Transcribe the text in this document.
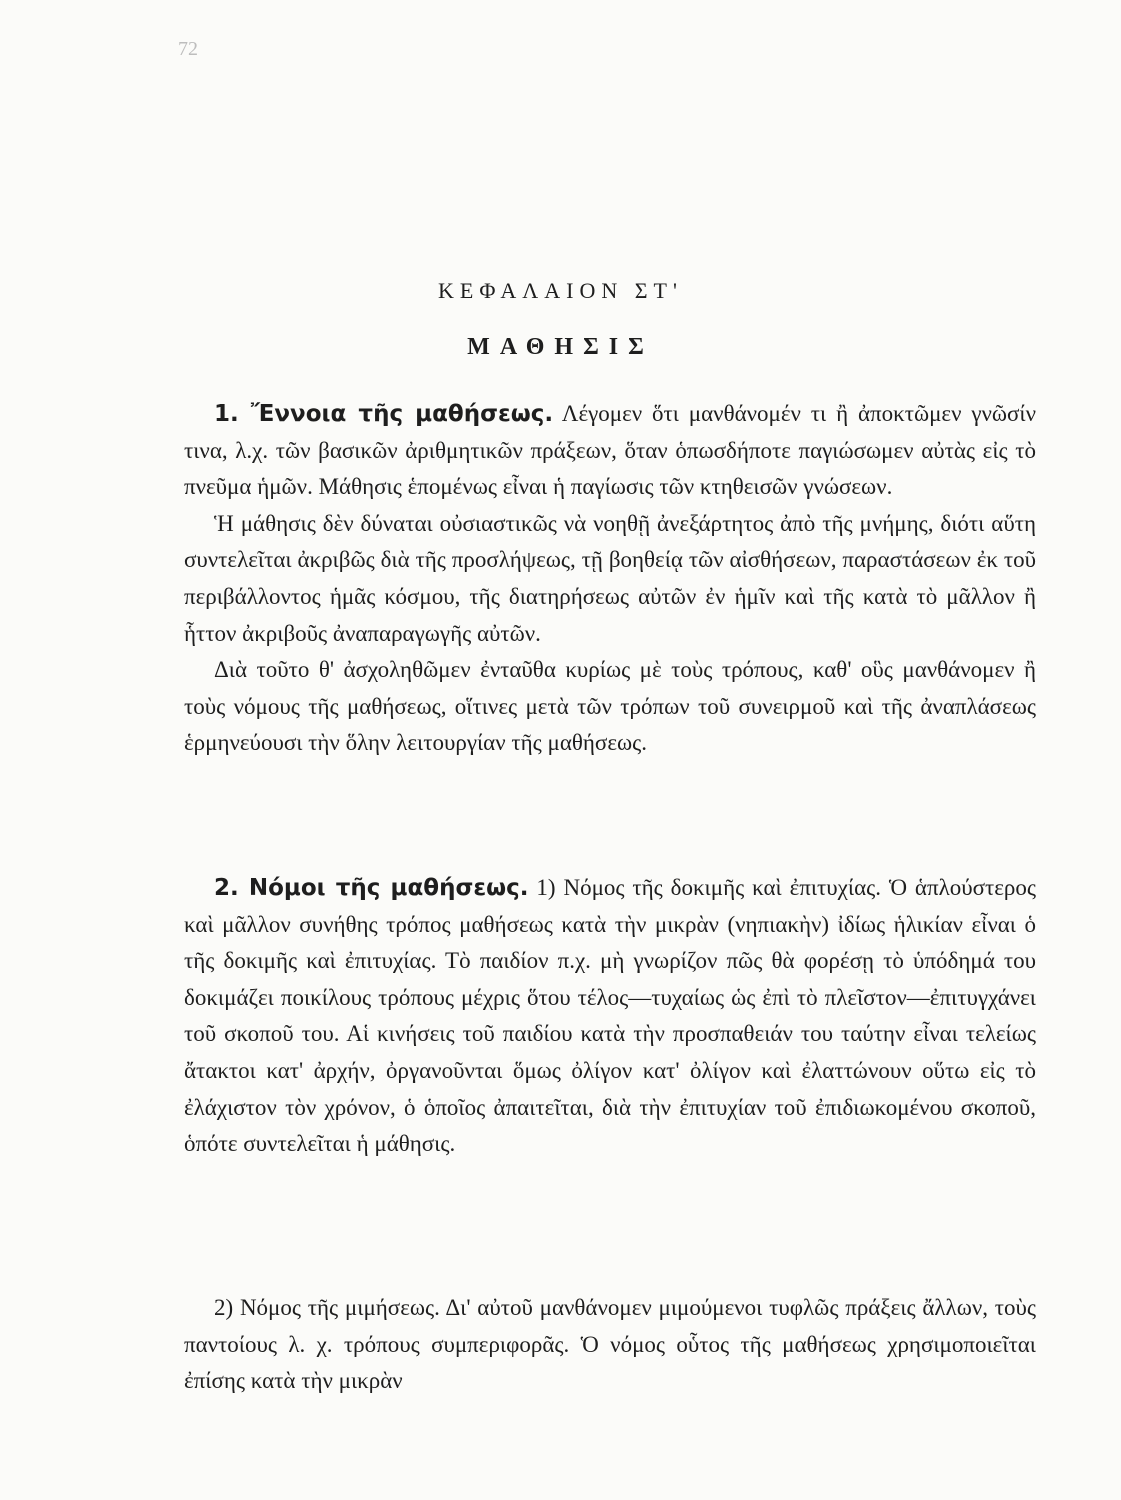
72
ΚΕΦΑΛΑΙΟΝ ΣΤ'
ΜΑΘΗΣΙΣ

1. Ἔννοια τῆς μαθήσεως. Λέγομεν ὅτι μανθάνομέν τι ἢ ἀποκτῶμεν γνῶσίν τινα, λ.χ. τῶν βασικῶν ἀριθμητικῶν πράξεων, ὅταν ὁπωσδήποτε παγιώσωμεν αὐτὰς εἰς τὸ πνεῦμα ἡμῶν. Μάθησις ἑπομένως εἶναι ἡ παγίωσις τῶν κτηθεισῶν γνώσεων.

Ἡ μάθησις δὲν δύναται οὐσιαστικῶς νὰ νοηθῇ ἀνεξάρτητος ἀπὸ τῆς μνήμης, διότι αὕτη συντελεῖται ἀκριβῶς διὰ τῆς προσλήψεως, τῇ βοηθείᾳ τῶν αἰσθήσεων, παραστάσεων ἐκ τοῦ περιβάλλοντος ἡμᾶς κόσμου, τῆς διατηρήσεως αὐτῶν ἐν ἡμῖν καὶ τῆς κατὰ τὸ μᾶλλον ἢ ἧττον ἀκριβοῦς ἀναπαραγωγῆς αὐτῶν.

Διὰ τοῦτο θ' ἀσχοληθῶμεν ἐνταῦθα κυρίως μὲ τοὺς τρόπους, καθ' οὓς μανθάνομεν ἢ τοὺς νόμους τῆς μαθήσεως, οἵτινες μετὰ τῶν τρόπων τοῦ συνειρμοῦ καὶ τῆς ἀναπλάσεως ἑρμηνεύουσι τὴν ὅλην λειτουργίαν τῆς μαθήσεως.

2. Νόμοι τῆς μαθήσεως. 1) Νόμος τῆς δοκιμῆς καὶ ἐπιτυχίας. Ὁ ἁπλούστερος καὶ μᾶλλον συνήθης τρόπος μαθήσεως κατὰ τὴν μικρὰν (νηπιακὴν) ἰδίως ἡλικίαν εἶναι ὁ τῆς δοκιμῆς καὶ ἐπιτυχίας. Τὸ παιδίον π.χ. μὴ γνωρίζον πῶς θὰ φορέσῃ τὸ ὑπόδημά του δοκιμάζει ποικίλους τρόπους μέχρις ὅτου τέλος—τυχαίως ὡς ἐπὶ τὸ πλεῖστον—ἐπιτυγχάνει τοῦ σκοποῦ του. Αἱ κινήσεις τοῦ παιδίου κατὰ τὴν προσπαθειάν του ταύτην εἶναι τελείως ἄτακτοι κατ' ἀρχήν, ὀργανοῦνται ὅμως ὀλίγον κατ' ὀλίγον καὶ ἐλαττώνουν οὕτω εἰς τὸ ἐλάχιστον τὸν χρόνον, ὁ ὁποῖος ἀπαιτεῖται, διὰ τὴν ἐπιτυχίαν τοῦ ἐπιδιωκομένου σκοποῦ, ὁπότε συντελεῖται ἡ μάθησις.

2) Νόμος τῆς μιμήσεως. Δι' αὐτοῦ μανθάνομεν μιμούμενοι τυφλῶς πράξεις ἄλλων, τοὺς παντοίους λ. χ. τρόπους συμπεριφορᾶς. Ὁ νόμος οὗτος τῆς μαθήσεως χρησιμοποιεῖται ἐπίσης κατὰ τὴν μικρὰν
